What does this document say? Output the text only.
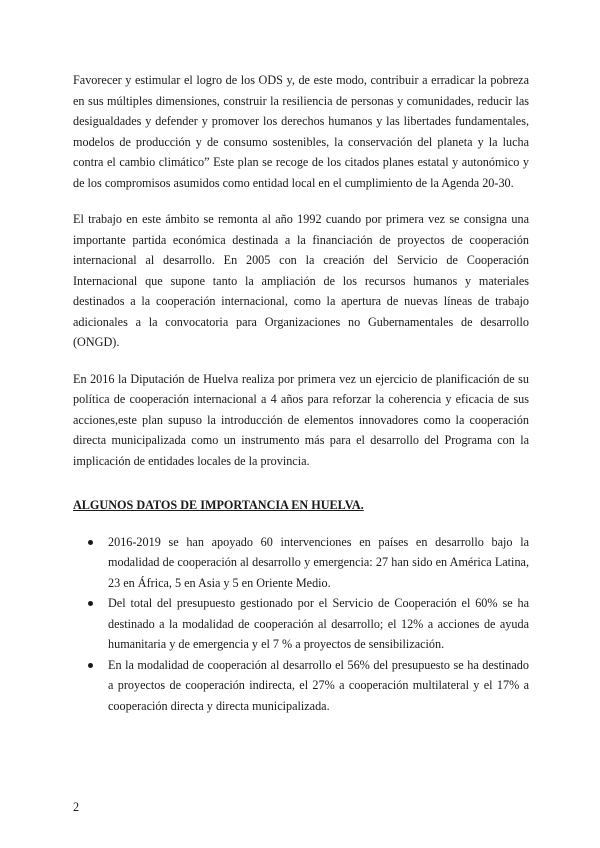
Favorecer y estimular el logro de los ODS y, de este modo, contribuir a erradicar la pobreza en sus múltiples dimensiones, construir la resiliencia de personas y comunidades, reducir las desigualdades y defender y promover los derechos humanos y las libertades fundamentales, modelos de producción y de consumo sostenibles, la conservación del planeta y la lucha contra el cambio climático” Este plan se recoge de los citados planes estatal y autonómico y de los compromisos asumidos como entidad local en el cumplimiento de la Agenda 20-30.

El trabajo en este ámbito se remonta al año 1992 cuando por primera vez se consigna una importante partida económica destinada a la financiación de proyectos de cooperación internacional al desarrollo. En 2005 con la creación del Servicio de Cooperación Internacional que supone tanto la ampliación de los recursos humanos y materiales destinados a la cooperación internacional, como la apertura de nuevas líneas de trabajo adicionales a la convocatoria para Organizaciones no Gubernamentales de desarrollo (ONGD).

En 2016 la Diputación de Huelva realiza por primera vez un ejercicio de planificación de su política de cooperación internacional a 4 años para reforzar la coherencia y eficacia de sus acciones,este plan supuso la introducción de elementos innovadores como la cooperación directa municipalizada como un instrumento más para el desarrollo del Programa con la implicación de entidades locales de la provincia.

ALGUNOS DATOS DE IMPORTANCIA EN HUELVA.
2016-2019 se han apoyado 60 intervenciones en países en desarrollo bajo la modalidad de cooperación al desarrollo y emergencia: 27 han sido en América Latina, 23 en África, 5 en Asia y 5 en Oriente Medio.
Del total del presupuesto gestionado por el Servicio de Cooperación el 60% se ha destinado a la modalidad de cooperación al desarrollo; el 12% a acciones de ayuda humanitaria y de emergencia y el 7 % a proyectos de sensibilización.
En la modalidad de cooperación al desarrollo el 56% del presupuesto se ha destinado a proyectos de cooperación indirecta, el 27% a cooperación multilateral y el 17% a cooperación directa y directa municipalizada.
2
